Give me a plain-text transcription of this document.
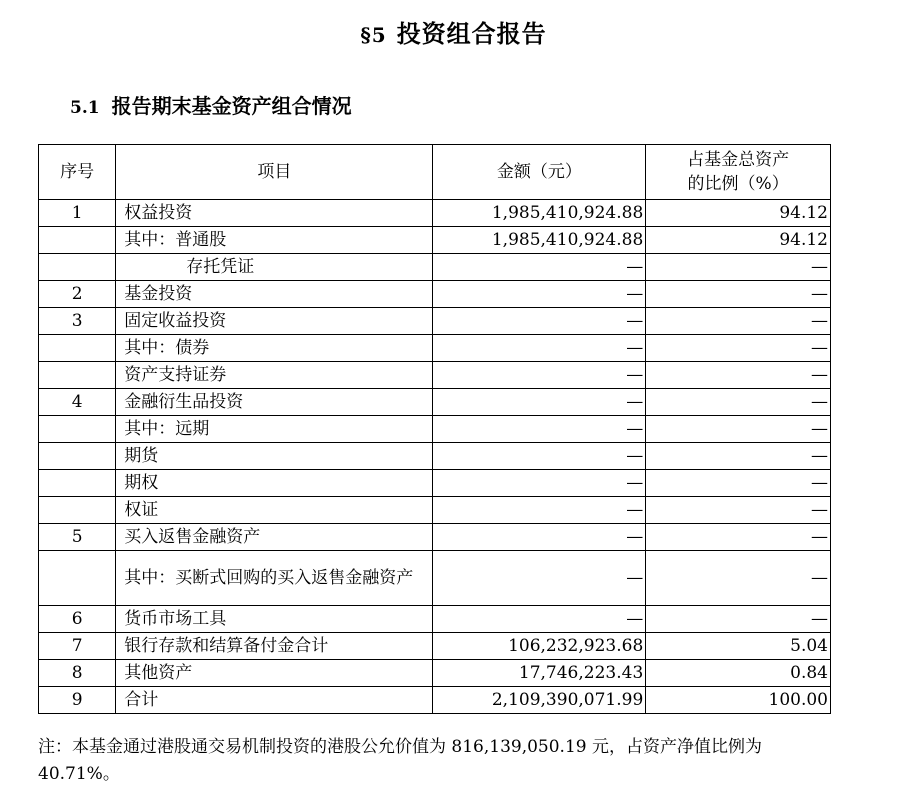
§5 投资组合报告
5.1 报告期末基金资产组合情况
序号	项目	金额（元）	占基金总资产
的比例（%）
1	权益投资	1,985,410,924.88	94.12
	其中：普通股	1,985,410,924.88	94.12
	存托凭证	—	—
2	基金投资	—	—
3	固定收益投资	—	—
	其中：债券	—	—
	资产支持证券	—	—
4	金融衍生品投资	—	—
	其中：远期	—	—
	期货	—	—
	期权	—	—
	权证	—	—
5	买入返售金融资产	—	—
	其中：买断式回购的买入返售金融资产	—	—
6	货币市场工具	—	—
7	银行存款和结算备付金合计	106,232,923.68	5.04
8	其他资产	17,746,223.43	0.84
9	合计	2,109,390,071.99	100.00
注：本基金通过港股通交易机制投资的港股公允价值为 816,139,050.19 元，占资产净值比例为 40.71%。
